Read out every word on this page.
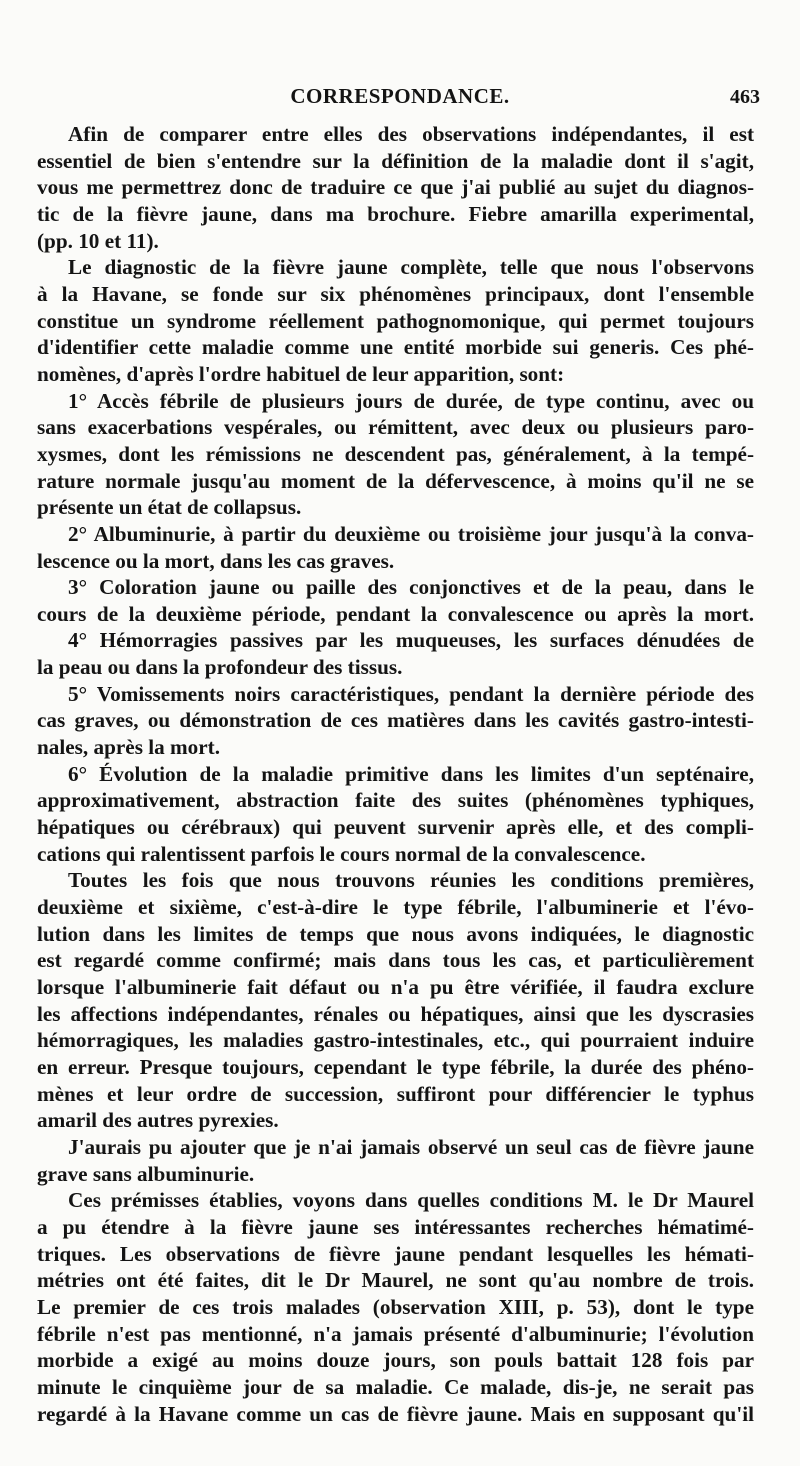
CORRESPONDANCE.	463

Afin de comparer entre elles des observations indépendantes, il est

essentiel de bien s'entendre sur la définition de la maladie dont il s'agit,

vous me permettrez donc de traduire ce que j'ai publié au sujet du diagnos-

tic de la fièvre jaune, dans ma brochure. Fiebre amarilla experimental,

(pp. 10 et 11).

Le diagnostic de la fièvre jaune complète, telle que nous l'observons

à la Havane, se fonde sur six phénomènes principaux, dont l'ensemble

constitue un syndrome réellement pathognomonique, qui permet toujours

d'identifier cette maladie comme une entité morbide sui generis. Ces phé-

nomènes, d'après l'ordre habituel de leur apparition, sont:

1° Accès fébrile de plusieurs jours de durée, de type continu, avec ou

sans exacerbations vespérales, ou rémittent, avec deux ou plusieurs paro-

xysmes, dont les rémissions ne descendent pas, généralement, à la tempé-

rature normale jusqu'au moment de la défervescence, à moins qu'il ne se

présente un état de collapsus.

2° Albuminurie, à partir du deuxième ou troisième jour jusqu'à la conva-

lescence ou la mort, dans les cas graves.

3° Coloration jaune ou paille des conjonctives et de la peau, dans le

cours de la deuxième période, pendant la convalescence ou après la mort.

4° Hémorragies passives par les muqueuses, les surfaces dénudées de

la peau ou dans la profondeur des tissus.

5° Vomissements noirs caractéristiques, pendant la dernière période des

cas graves, ou démonstration de ces matières dans les cavités gastro-intesti-

nales, après la mort.

6° Évolution de la maladie primitive dans les limites d'un septénaire,

approximativement, abstraction faite des suites (phénomènes typhiques,

hépatiques ou cérébraux) qui peuvent survenir après elle, et des compli-

cations qui ralentissent parfois le cours normal de la convalescence.

Toutes les fois que nous trouvons réunies les conditions premières,

deuxième et sixième, c'est-à-dire le type fébrile, l'albuminerie et l'évo-

lution dans les limites de temps que nous avons indiquées, le diagnostic

est regardé comme confirmé; mais dans tous les cas, et particulièrement

lorsque l'albuminerie fait défaut ou n'a pu être vérifiée, il faudra exclure

les affections indépendantes, rénales ou hépatiques, ainsi que les dyscrasies

hémorragiques, les maladies gastro-intestinales, etc., qui pourraient induire

en erreur. Presque toujours, cependant le type fébrile, la durée des phéno-

mènes et leur ordre de succession, suffiront pour différencier le typhus

amaril des autres pyrexies.

J'aurais pu ajouter que je n'ai jamais observé un seul cas de fièvre jaune

grave sans albuminurie.

Ces prémisses établies, voyons dans quelles conditions M. le Dr Maurel

a pu étendre à la fièvre jaune ses intéressantes recherches hématimé-

triques. Les observations de fièvre jaune pendant lesquelles les hémati-

métries ont été faites, dit le Dr Maurel, ne sont qu'au nombre de trois.

Le premier de ces trois malades (observation XIII, p. 53), dont le type

fébrile n'est pas mentionné, n'a jamais présenté d'albuminurie; l'évolution

morbide a exigé au moins douze jours, son pouls battait 128 fois par

minute le cinquième jour de sa maladie. Ce malade, dis-je, ne serait pas

regardé à la Havane comme un cas de fièvre jaune. Mais en supposant qu'il
